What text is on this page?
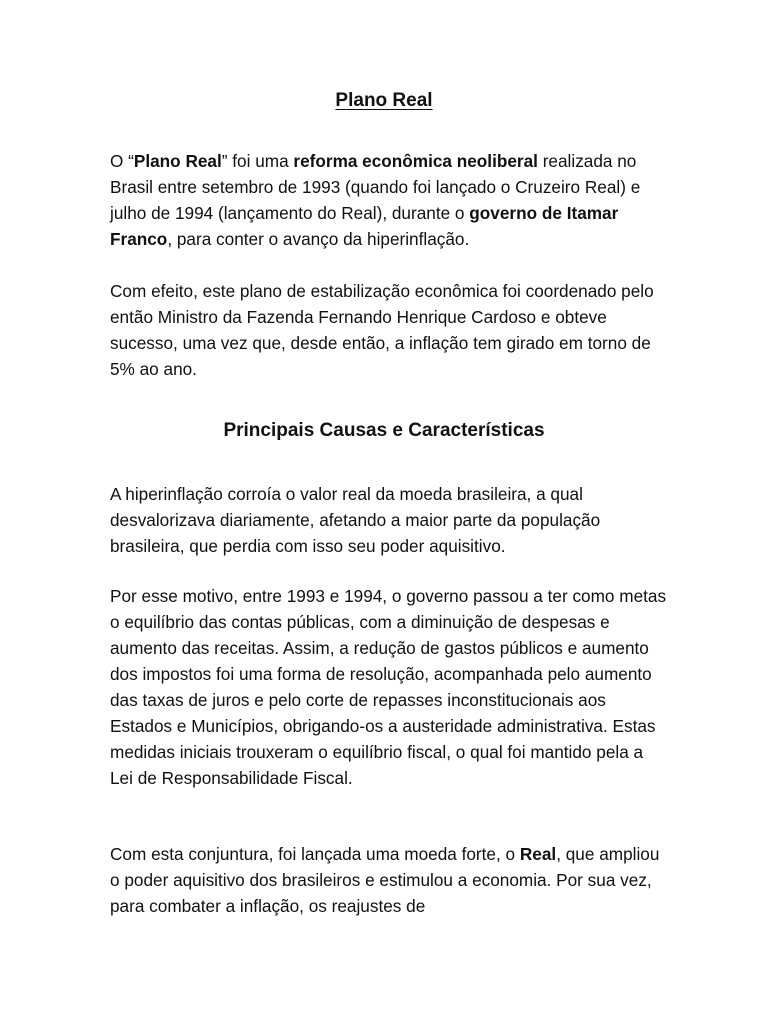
Plano Real

O “Plano Real” foi uma reforma econômica neoliberal realizada no Brasil entre setembro de 1993 (quando foi lançado o Cruzeiro Real) e julho de 1994 (lançamento do Real), durante o governo de Itamar Franco, para conter o avanço da hiperinflação.

Com efeito, este plano de estabilização econômica foi coordenado pelo então Ministro da Fazenda Fernando Henrique Cardoso e obteve sucesso, uma vez que, desde então, a inflação tem girado em torno de 5% ao ano.

Principais Causas e Características

A hiperinflação corroía o valor real da moeda brasileira, a qual desvalorizava diariamente, afetando a maior parte da população brasileira, que perdia com isso seu poder aquisitivo.

Por esse motivo, entre 1993 e 1994, o governo passou a ter como metas o equilíbrio das contas públicas, com a diminuição de despesas e aumento das receitas. Assim, a redução de gastos públicos e aumento dos impostos foi uma forma de resolução, acompanhada pelo aumento das taxas de juros e pelo corte de repasses inconstitucionais aos Estados e Municípios, obrigando-os a austeridade administrativa. Estas medidas iniciais trouxeram o equilíbrio fiscal, o qual foi mantido pela a Lei de Responsabilidade Fiscal.

Com esta conjuntura, foi lançada uma moeda forte, o Real, que ampliou o poder aquisitivo dos brasileiros e estimulou a economia. Por sua vez, para combater a inflação, os reajustes de
